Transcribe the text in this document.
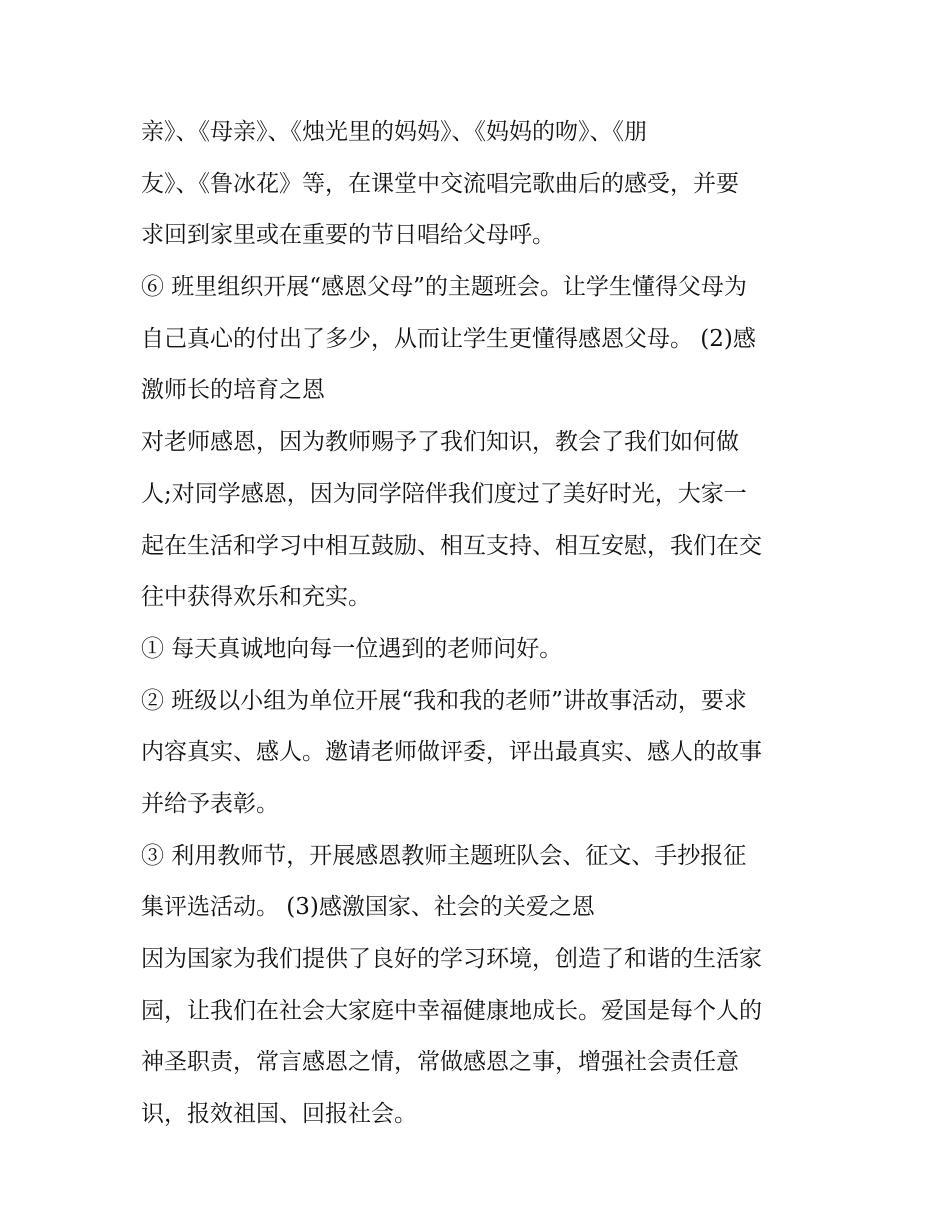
亲》、《母亲》、《烛光里的妈妈》、《妈妈的吻》、《朋
友》、《鲁冰花》等，在课堂中交流唱完歌曲后的感受，并要
求回到家里或在重要的节日唱给父母呼。
⑥ 班里组织开展“感恩父母”的主题班会。让学生懂得父母为
自己真心的付出了多少，从而让学生更懂得感恩父母。 (2)感
激师长的培育之恩
对老师感恩，因为教师赐予了我们知识，教会了我们如何做
人;对同学感恩，因为同学陪伴我们度过了美好时光，大家一
起在生活和学习中相互鼓励、相互支持、相互安慰，我们在交
往中获得欢乐和充实。
① 每天真诚地向每一位遇到的老师问好。
② 班级以小组为单位开展“我和我的老师”讲故事活动，要求
内容真实、感人。邀请老师做评委，评出最真实、感人的故事
并给予表彰。
③ 利用教师节，开展感恩教师主题班队会、征文、手抄报征
集评选活动。 (3)感激国家、社会的关爱之恩
因为国家为我们提供了良好的学习环境，创造了和谐的生活家
园，让我们在社会大家庭中幸福健康地成长。爱国是每个人的
神圣职责，常言感恩之情，常做感恩之事，增强社会责任意
识，报效祖国、回报社会。
